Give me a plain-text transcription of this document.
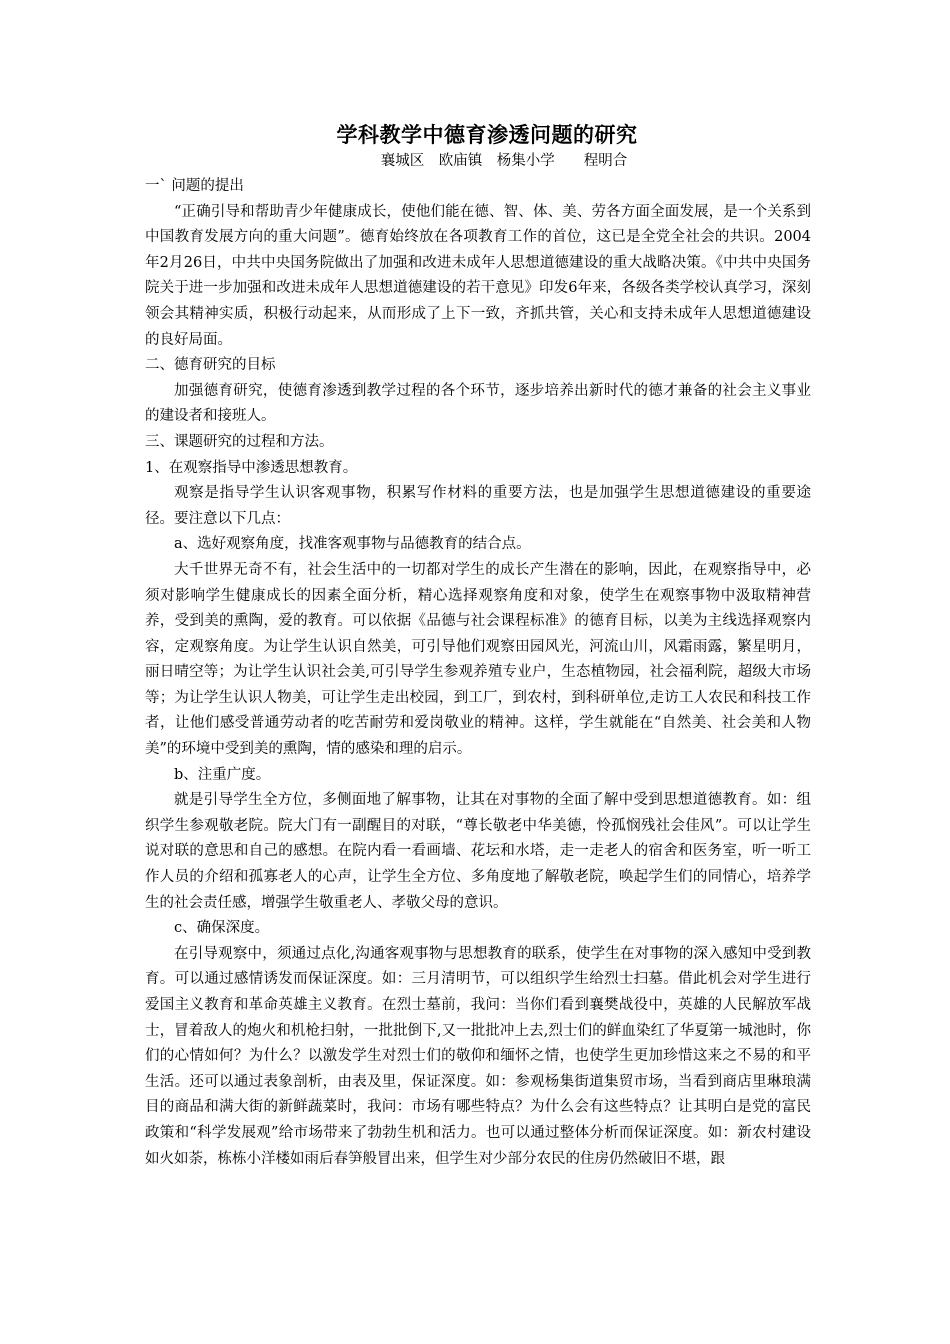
学科教学中德育渗透问题的研究
襄城区　欧庙镇　杨集小学　　程明合

一` 问题的提出

“正确引导和帮助青少年健康成长，使他们能在德、智、体、美、劳各方面全面发展，是一个关系到中国教育发展方向的重大问题”。德育始终放在各项教育工作的首位，这已是全党全社会的共识。2004年2月26日，中共中央国务院做出了加强和改进未成年人思想道德建设的重大战略决策。《中共中央国务院关于进一步加强和改进未成年人思想道德建设的若干意见》印发6年来，各级各类学校认真学习，深刻领会其精神实质，积极行动起来，从而形成了上下一致，齐抓共管，关心和支持未成年人思想道德建设的良好局面。

二、德育研究的目标

加强德育研究，使德育渗透到教学过程的各个环节，逐步培养出新时代的德才兼备的社会主义事业的建设者和接班人。

三、课题研究的过程和方法。

1、在观察指导中渗透思想教育。

观察是指导学生认识客观事物，积累写作材料的重要方法，也是加强学生思想道德建设的重要途径。要注意以下几点：

a、选好观察角度，找准客观事物与品德教育的结合点。

大千世界无奇不有，社会生活中的一切都对学生的成长产生潜在的影响，因此，在观察指导中，必须对影响学生健康成长的因素全面分析，精心选择观察角度和对象，使学生在观察事物中汲取精神营养，受到美的熏陶，爱的教育。可以依据《品德与社会课程标准》的德育目标，以美为主线选择观察内容，定观察角度。为让学生认识自然美，可引导他们观察田园风光，河流山川，风霜雨露，繁星明月，丽日晴空等；为让学生认识社会美,可引导学生参观养殖专业户，生态植物园，社会福利院，超级大市场等；为让学生认识人物美，可让学生走出校园，到工厂，到农村，到科研单位,走访工人农民和科技工作者，让他们感受普通劳动者的吃苦耐劳和爱岗敬业的精神。这样，学生就能在“自然美、社会美和人物美”的环境中受到美的熏陶，情的感染和理的启示。

b、注重广度。

就是引导学生全方位，多侧面地了解事物，让其在对事物的全面了解中受到思想道德教育。如：组织学生参观敬老院。院大门有一副醒目的对联，“尊长敬老中华美德，怜孤悯残社会佳风”。可以让学生说对联的意思和自己的感想。在院内看一看画墙、花坛和水塔，走一走老人的宿舍和医务室，听一听工作人员的介绍和孤寡老人的心声，让学生全方位、多角度地了解敬老院，唤起学生们的同情心，培养学生的社会责任感，增强学生敬重老人、孝敬父母的意识。

c、确保深度。

在引导观察中，须通过点化,沟通客观事物与思想教育的联系，使学生在对事物的深入感知中受到教育。可以通过感情诱发而保证深度。如：三月清明节，可以组织学生给烈士扫墓。借此机会对学生进行爱国主义教育和革命英雄主义教育。在烈士墓前，我问：当你们看到襄樊战役中，英雄的人民解放军战士，冒着敌人的炮火和机枪扫射，一批批倒下,又一批批冲上去,烈士们的鲜血染红了华夏第一城池时，你们的心情如何？为什么？以激发学生对烈士们的敬仰和缅怀之情，也使学生更加珍惜这来之不易的和平生活。还可以通过表象剖析，由表及里，保证深度。如：参观杨集街道集贸市场，当看到商店里琳琅满目的商品和满大街的新鲜蔬菜时，我问：市场有哪些特点？为什么会有这些特点？让其明白是党的富民政策和“科学发展观”给市场带来了勃勃生机和活力。也可以通过整体分析而保证深度。如：新农村建设如火如荼，栋栋小洋楼如雨后春笋般冒出来，但学生对少部分农民的住房仍然破旧不堪，跟
